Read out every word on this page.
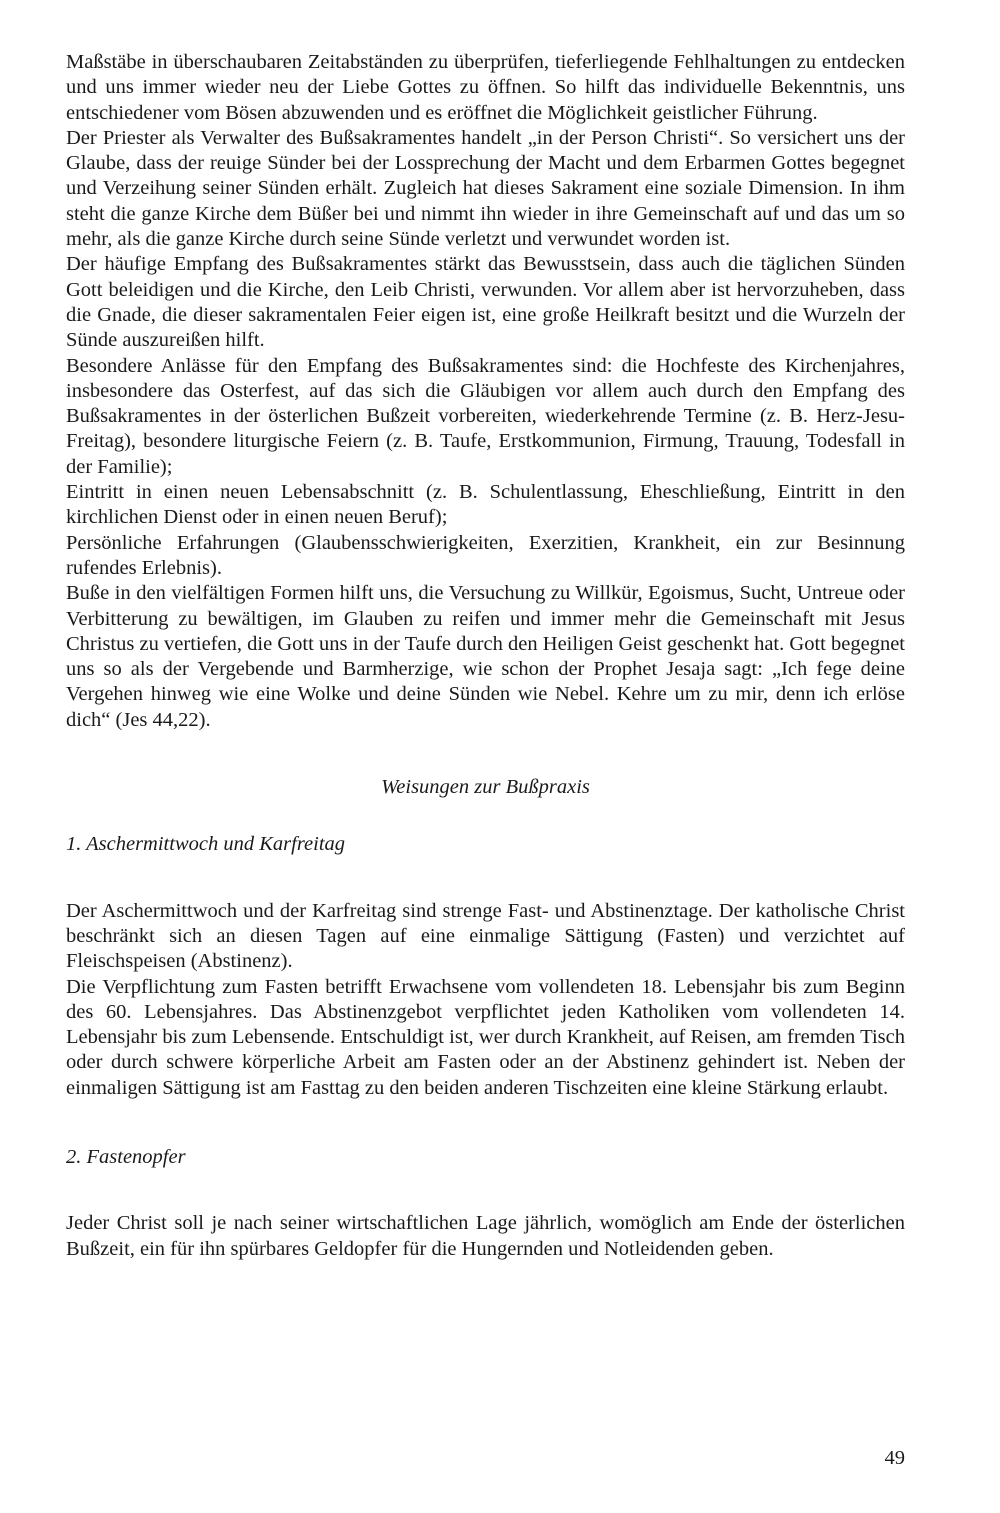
Maßstäbe in überschaubaren Zeitabständen zu überprüfen, tieferliegende Fehlhaltungen zu entdecken und uns immer wieder neu der Liebe Gottes zu öffnen. So hilft das individuelle Bekenntnis, uns entschiedener vom Bösen abzuwenden und es eröffnet die Möglichkeit geistlicher Führung.

Der Priester als Verwalter des Bußsakramentes handelt „in der Person Christi“. So versichert uns der Glaube, dass der reuige Sünder bei der Lossprechung der Macht und dem Erbarmen Gottes begegnet und Verzeihung seiner Sünden erhält. Zugleich hat dieses Sakrament eine soziale Dimension. In ihm steht die ganze Kirche dem Büßer bei und nimmt ihn wieder in ihre Gemeinschaft auf und das um so mehr, als die ganze Kirche durch seine Sünde verletzt und verwundet worden ist.

Der häufige Empfang des Bußsakramentes stärkt das Bewusstsein, dass auch die täglichen Sünden Gott beleidigen und die Kirche, den Leib Christi, verwunden. Vor allem aber ist hervorzuheben, dass die Gnade, die dieser sakramentalen Feier eigen ist, eine große Heilkraft besitzt und die Wurzeln der Sünde auszureißen hilft.

Besondere Anlässe für den Empfang des Bußsakramentes sind: die Hochfeste des Kirchenjahres, insbesondere das Osterfest, auf das sich die Gläubigen vor allem auch durch den Empfang des Bußsakramentes in der österlichen Bußzeit vorbereiten, wiederkehrende Termine (z. B. Herz-Jesu-Freitag), besondere liturgische Feiern (z. B. Taufe, Erstkommunion, Firmung, Trauung, Todesfall in der Familie);

Eintritt in einen neuen Lebensabschnitt (z. B. Schulentlassung, Eheschließung, Eintritt in den kirchlichen Dienst oder in einen neuen Beruf);

Persönliche Erfahrungen (Glaubensschwierigkeiten, Exerzitien, Krankheit, ein zur Besinnung rufendes Erlebnis).

Buße in den vielfältigen Formen hilft uns, die Versuchung zu Willkür, Egoismus, Sucht, Untreue oder Verbitterung zu bewältigen, im Glauben zu reifen und immer mehr die Gemeinschaft mit Jesus Christus zu vertiefen, die Gott uns in der Taufe durch den Heiligen Geist geschenkt hat. Gott begegnet uns so als der Vergebende und Barmherzige, wie schon der Prophet Jesaja sagt: „Ich fege deine Vergehen hinweg wie eine Wolke und deine Sünden wie Nebel. Kehre um zu mir, denn ich erlöse dich“ (Jes 44,22).

Weisungen zur Bußpraxis

1. Aschermittwoch und Karfreitag

Der Aschermittwoch und der Karfreitag sind strenge Fast- und Abstinenztage. Der katholische Christ beschränkt sich an diesen Tagen auf eine einmalige Sättigung (Fasten) und verzichtet auf Fleischspeisen (Abstinenz).

Die Verpflichtung zum Fasten betrifft Erwachsene vom vollendeten 18. Lebensjahr bis zum Beginn des 60. Lebensjahres. Das Abstinenzgebot verpflichtet jeden Katholiken vom vollendeten 14. Lebensjahr bis zum Lebensende. Entschuldigt ist, wer durch Krankheit, auf Reisen, am fremden Tisch oder durch schwere körperliche Arbeit am Fasten oder an der Abstinenz gehindert ist. Neben der einmaligen Sättigung ist am Fasttag zu den beiden anderen Tischzeiten eine kleine Stärkung erlaubt.

2. Fastenopfer

Jeder Christ soll je nach seiner wirtschaftlichen Lage jährlich, womöglich am Ende der österlichen Bußzeit, ein für ihn spürbares Geldopfer für die Hungernden und Notleidenden geben.

49
